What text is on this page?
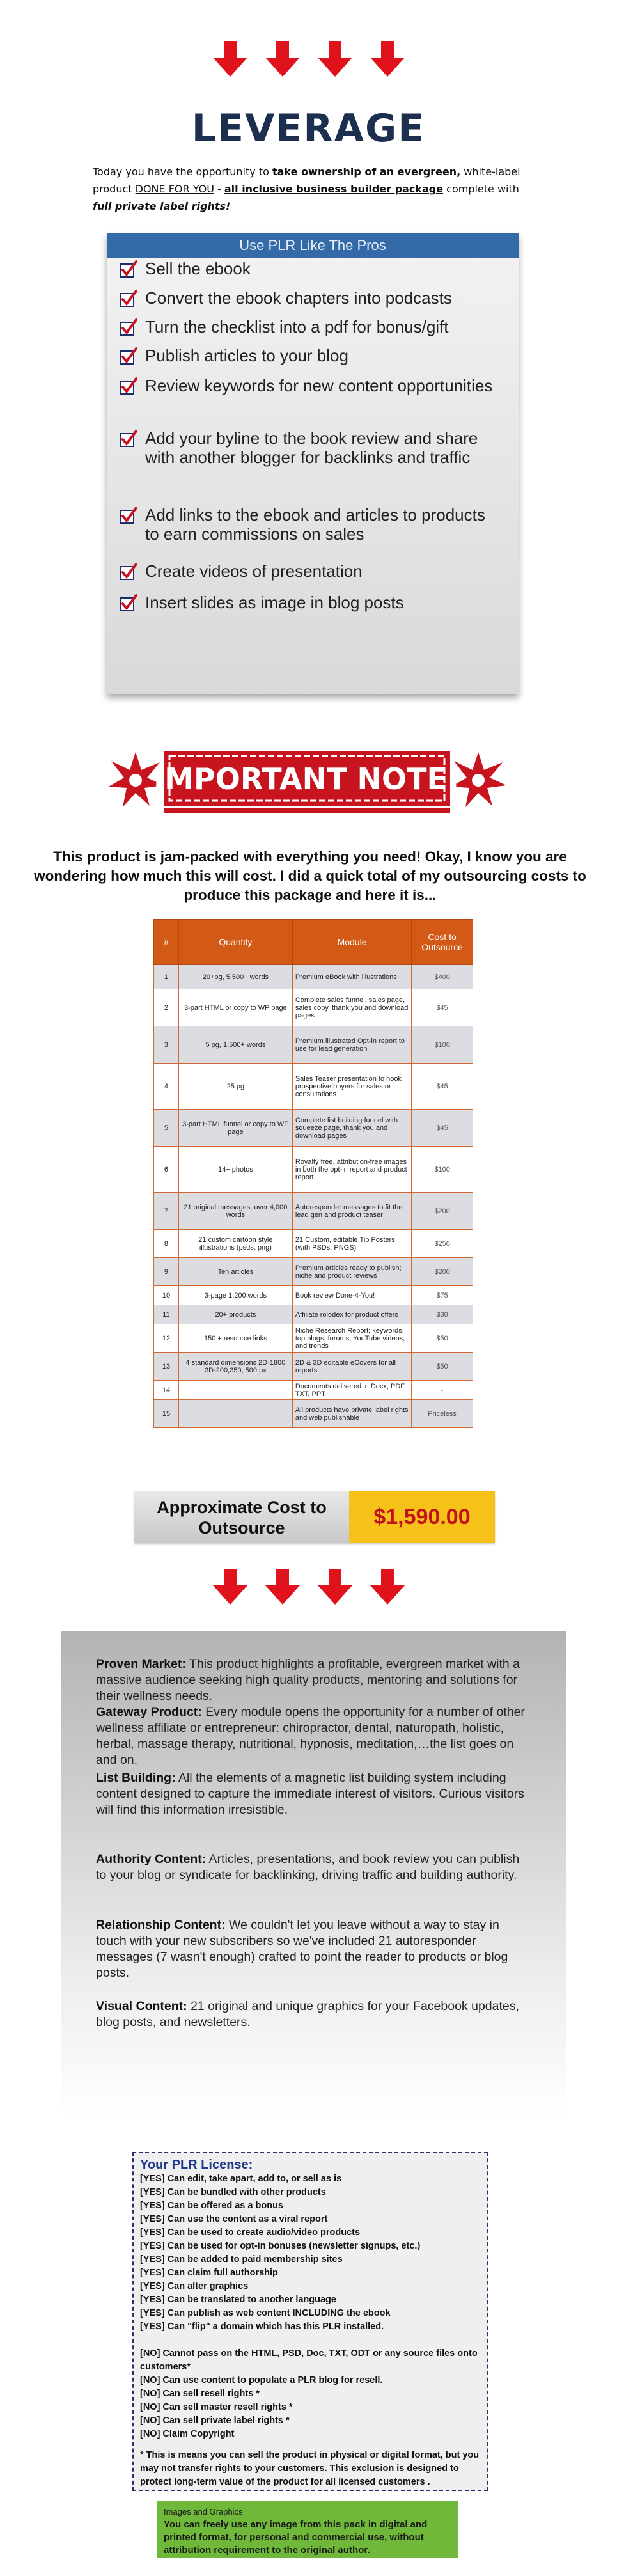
LEVERAGE
Today you have the opportunity to take ownership of an evergreen, white-label product DONE FOR YOU - all inclusive business builder package complete with
full private label rights!
Use PLR Like The Pros
Sell the ebook
Convert the ebook chapters into podcasts
Turn the checklist into a pdf for bonus/gift
Publish articles to your blog
Review keywords for new content opportunities
Add your byline to the book review and share with another blogger for backlinks and traffic
Add links to the ebook and articles to products to earn commissions on sales
Create videos of presentation
Insert slides as image in blog posts
IMPORTANT NOTE!
This product is jam-packed with everything you need! Okay, I know you are wondering how much this will cost. I did a quick total of my outsourcing costs to produce this package and here it is...
#	Quantity	Module	Cost to Outsource
1	20+pg, 5,500+ words	Premium eBook with illustrations	$400
2	3-part HTML or copy to WP page	Complete sales funnel, sales page, sales copy, thank you and download pages	$45
3	5 pg, 1,500+ words	Premium illustrated Opt-in report to use for lead generation	$100
4	25 pg	Sales Teaser presentation to hook prospective buyers for sales or consultations	$45
5	3-part HTML funnel or copy to WP page	Complete list building funnel with squeeze page, thank you and download pages	$45
6	14+ photos	Royalty free, attribution-free images in both the opt-in report and product report	$100
7	21 original messages, over 4,000 words	Autoresponder messages to fit the lead gen and product teaser	$200
8	21 custom cartoon style illustrations (psds, png)	21 Custom, editable Tip Posters (with PSDs, PNGS)	$250
9	Ten articles	Premium articles ready to publish; niche and product reviews	$200
10	3-page 1,200 words	Book review Done-4-You!	$75
11	20+ products	Affiliate rolodex for product offers	$30
12	150 + resource links	Niche Research Report; keywords, top blogs, forums, YouTube videos, and trends	$50
13	4 standard dimensions 2D-1800 3D-200,350, 500 px	2D & 3D editable eCovers for all reports	$50
14		Documents delivered in Docx, PDF, TXT, PPT	-
15		All products have private label rights and web publishable	Priceless
Approximate Cost to Outsource	$1,590.00
Proven Market: This product highlights a profitable, evergreen market with a massive audience seeking high quality products, mentoring and solutions for their wellness needs.
Gateway Product: Every module opens the opportunity for a number of other wellness affiliate or entrepreneur: chiropractor, dental, naturopath, holistic, herbal, massage therapy, nutritional, hypnosis, meditation,…the list goes on and on.
List Building: All the elements of a magnetic list building system including content designed to capture the immediate interest of visitors. Curious visitors will find this information irresistible.
Authority Content: Articles, presentations, and book review you can publish to your blog or syndicate for backlinking, driving traffic and building authority.
Relationship Content: We couldn't let you leave without a way to stay in touch with your new subscribers so we've included 21 autoresponder messages (7 wasn't enough) crafted to point the reader to products or blog posts.
Visual Content: 21 original and unique graphics for your Facebook updates, blog posts, and newsletters.
Your PLR License:
[YES] Can edit, take apart, add to, or sell as is
[YES] Can be bundled with other products
[YES] Can be offered as a bonus
[YES] Can use the content as a viral report
[YES] Can be used to create audio/video products
[YES] Can be used for opt-in bonuses (newsletter signups, etc.)
[YES] Can be added to paid membership sites
[YES] Can claim full authorship
[YES] Can alter graphics
[YES] Can be translated to another language
[YES] Can publish as web content INCLUDING the ebook
[YES] Can "flip" a domain which has this PLR installed.
[NO] Cannot pass on the HTML, PSD, Doc, TXT, ODT or any source files onto customers*
[NO] Can use content to populate a PLR blog for resell.
[NO] Can sell resell rights *
[NO] Can sell master resell rights *
[NO] Can sell private label rights *
[NO] Claim Copyright
* This is means you can sell the product in physical or digital format, but you may not transfer rights to your customers. This exclusion is designed to protect long-term value of the product for all licensed customers .
Images and Graphics
You can freely use any image from this pack in digital and printed format, for personal and commercial use, without attribution requirement to the original author.
